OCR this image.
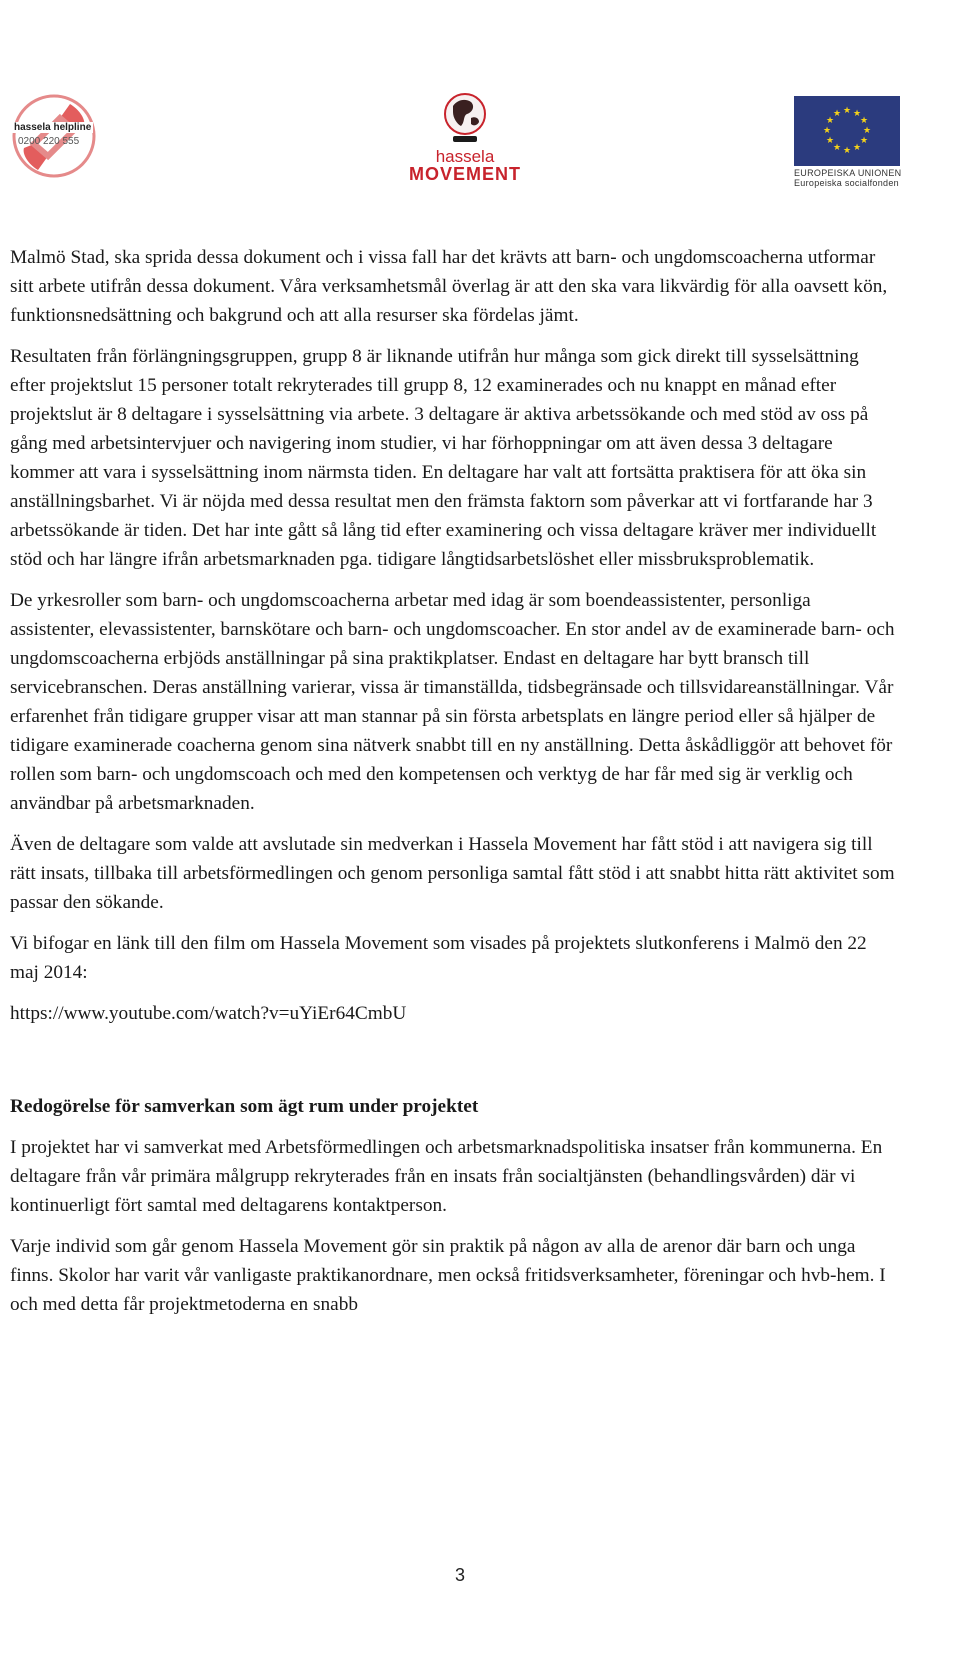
hassela helpline
0200 220 555
hassela
MOVEMENT
★ ★
★
★
★
★
★
★
★
★
★
★
EUROPEISKA UNIONEN
Europeiska socialfonden

Malmö Stad, ska sprida dessa dokument och i vissa fall har det krävts att barn- och ungdomscoacherna utformar sitt arbete utifrån dessa dokument. Våra verksamhetsmål överlag är att den ska vara likvärdig för alla oavsett kön, funktionsnedsättning och bakgrund och att alla resurser ska fördelas jämt.

Resultaten från förlängningsgruppen, grupp 8 är liknande utifrån hur många som gick direkt till sysselsättning efter projektslut 15 personer totalt rekryterades till grupp 8, 12 examinerades och nu knappt en månad efter projektslut är 8 deltagare i sysselsättning via arbete. 3 deltagare är aktiva arbetssökande och med stöd av oss på gång med arbetsintervjuer och navigering inom studier, vi har förhoppningar om att även dessa 3 deltagare kommer att vara i sysselsättning inom närmsta tiden. En deltagare har valt att fortsätta praktisera för att öka sin anställningsbarhet. Vi är nöjda med dessa resultat men den främsta faktorn som påverkar att vi fortfarande har 3 arbetssökande är tiden. Det har inte gått så lång tid efter examinering och vissa deltagare kräver mer individuellt stöd och har längre ifrån arbetsmarknaden pga. tidigare långtidsarbetslöshet eller missbruksproblematik.

De yrkesroller som barn- och ungdomscoacherna arbetar med idag är som boendeassistenter, personliga assistenter, elevassistenter, barnskötare och barn- och ungdomscoacher. En stor andel av de examinerade barn- och ungdomscoacherna erbjöds anställningar på sina praktikplatser. Endast en deltagare har bytt bransch till servicebranschen. Deras anställning varierar, vissa är timanställda, tidsbegränsade och tillsvidareanställningar. Vår erfarenhet från tidigare grupper visar att man stannar på sin första arbetsplats en längre period eller så hjälper de tidigare examinerade coacherna genom sina nätverk snabbt till en ny anställning. Detta åskådliggör att behovet för rollen som barn- och ungdomscoach och med den kompetensen och verktyg de har får med sig är verklig och användbar på arbetsmarknaden.

Även de deltagare som valde att avslutade sin medverkan i Hassela Movement har fått stöd i att navigera sig till rätt insats, tillbaka till arbetsförmedlingen och genom personliga samtal fått stöd i att snabbt hitta rätt aktivitet som passar den sökande.

Vi bifogar en länk till den film om Hassela Movement som visades på projektets slutkonferens i Malmö den 22 maj 2014:

https://www.youtube.com/watch?v=uYiEr64CmbU

Redogörelse för samverkan som ägt rum under projektet

I projektet har vi samverkat med Arbetsförmedlingen och arbetsmarknadspolitiska insatser från kommunerna. En deltagare från vår primära målgrupp rekryterades från en insats från socialtjänsten (behandlingsvården) där vi kontinuerligt fört samtal med deltagarens kontaktperson.

Varje individ som går genom Hassela Movement gör sin praktik på någon av alla de arenor där barn och unga finns. Skolor har varit vår vanligaste praktikanordnare, men också fritidsverksamheter, föreningar och hvb-hem. I och med detta får projektmetoderna en snabb

3
